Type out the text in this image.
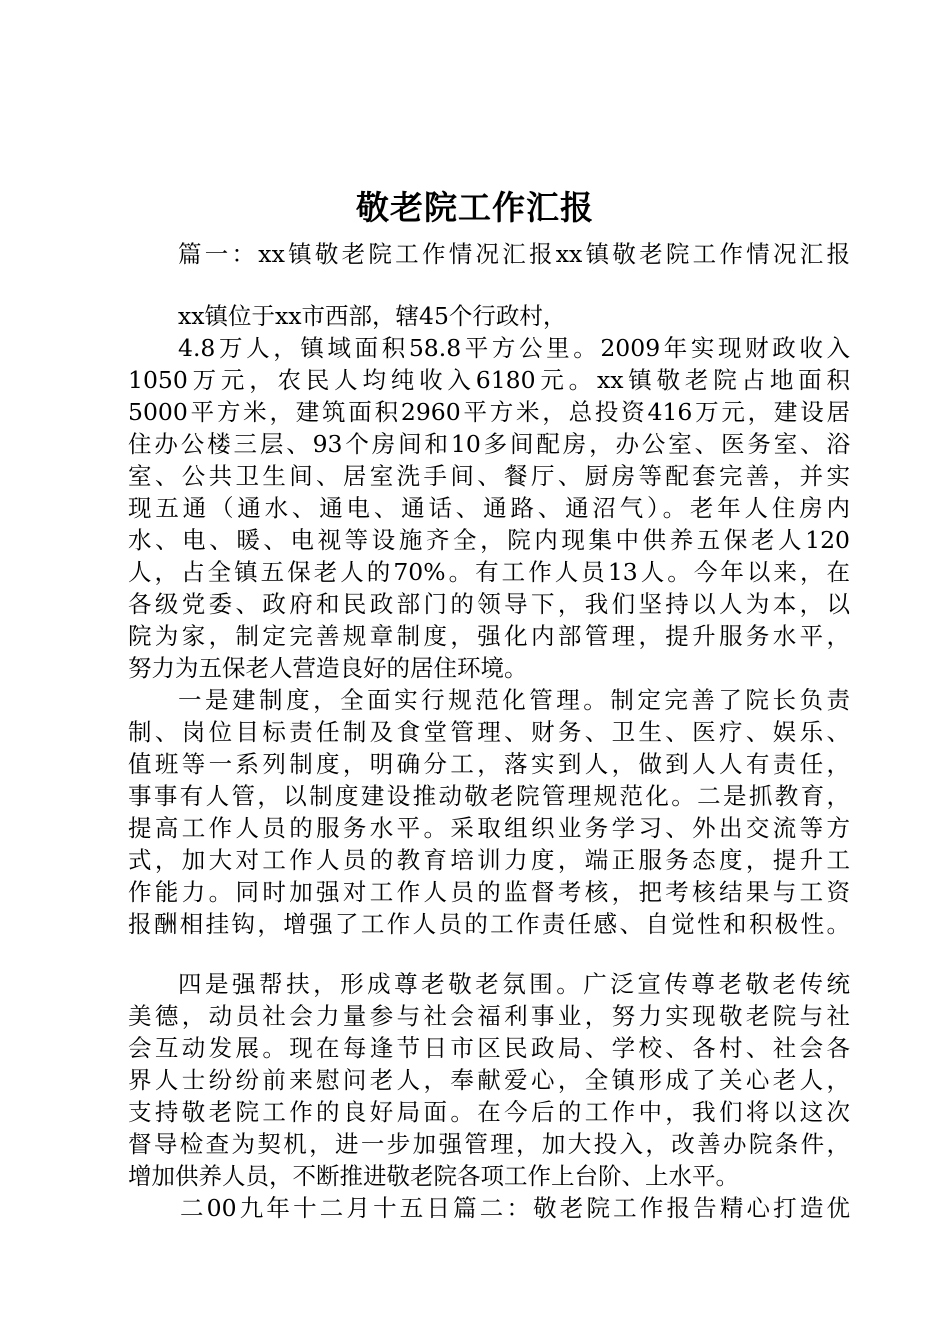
敬老院工作汇报
篇一：xx镇敬老院工作情况汇报xx镇敬老院工作情况汇报
xx镇位于xx市西部，辖45个行政村，
4.8万人，镇域面积58.8平方公里。2009年实现财政收入
1050万元，农民人均纯收入6180元。xx镇敬老院占地面积
5000平方米，建筑面积2960平方米，总投资416万元，建设居
住办公楼三层、93个房间和10多间配房，办公室、医务室、浴
室、公共卫生间、居室洗手间、餐厅、厨房等配套完善，并实
现五通（通水、通电、通话、通路、通沼气）。老年人住房内
水、电、暖、电视等设施齐全，院内现集中供养五保老人120
人，占全镇五保老人的70%。有工作人员13人。今年以来，在
各级党委、政府和民政部门的领导下，我们坚持以人为本，以
院为家，制定完善规章制度，强化内部管理，提升服务水平，
努力为五保老人营造良好的居住环境。
一是建制度，全面实行规范化管理。制定完善了院长负责
制、岗位目标责任制及食堂管理、财务、卫生、医疗、娱乐、
值班等一系列制度，明确分工，落实到人，做到人人有责任，
事事有人管，以制度建设推动敬老院管理规范化。二是抓教育，
提高工作人员的服务水平。采取组织业务学习、外出交流等方
式，加大对工作人员的教育培训力度，端正服务态度，提升工
作能力。同时加强对工作人员的监督考核，把考核结果与工资
报酬相挂钩，增强了工作人员的工作责任感、自觉性和积极性。
四是强帮扶，形成尊老敬老氛围。广泛宣传尊老敬老传统
美德，动员社会力量参与社会福利事业，努力实现敬老院与社
会互动发展。现在每逢节日市区民政局、学校、各村、社会各
界人士纷纷前来慰问老人，奉献爱心，全镇形成了关心老人，
支持敬老院工作的良好局面。在今后的工作中，我们将以这次
督导检查为契机，进一步加强管理，加大投入，改善办院条件，
增加供养人员，不断推进敬老院各项工作上台阶、上水平。
二00九年十二月十五日篇二：敬老院工作报告精心打造优
